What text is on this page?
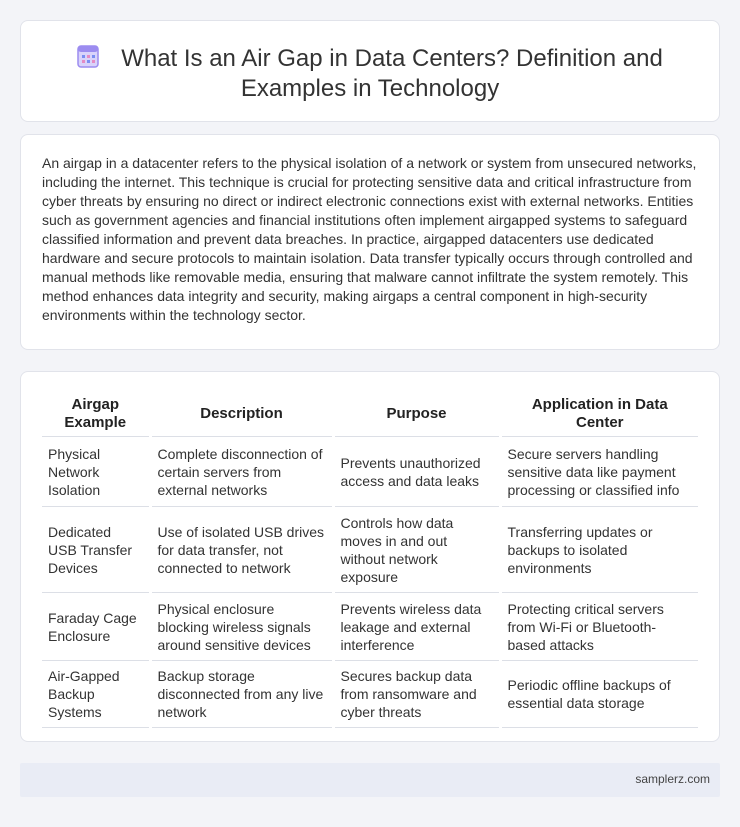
What Is an Air Gap in Data Centers? Definition and
Examples in Technology

An airgap in a datacenter refers to the physical isolation of a network or system from unsecured networks, including the internet. This technique is crucial for protecting sensitive data and critical infrastructure from cyber threats by ensuring no direct or indirect electronic connections exist with external networks. Entities such as government agencies and financial institutions often implement airgapped systems to safeguard classified information and prevent data breaches. In practice, airgapped datacenters use dedicated hardware and secure protocols to maintain isolation. Data transfer typically occurs through controlled and manual methods like removable media, ensuring that malware cannot infiltrate the system remotely. This method enhances data integrity and security, making airgaps a central component in high-security environments within the technology sector.

Airgap Example	Description	Purpose	Application in Data Center
Physical Network Isolation	Complete disconnection of certain servers from external networks	Prevents unauthorized access and data leaks	Secure servers handling sensitive data like payment processing or classified info
Dedicated USB Transfer Devices	Use of isolated USB drives for data transfer, not connected to network	Controls how data moves in and out without network exposure	Transferring updates or backups to isolated environments
Faraday Cage Enclosure	Physical enclosure blocking wireless signals around sensitive devices	Prevents wireless data leakage and external interference	Protecting critical servers from Wi-Fi or Bluetooth-based attacks
Air-Gapped Backup Systems	Backup storage disconnected from any live network	Secures backup data from ransomware and cyber threats	Periodic offline backups of essential data storage
samplerz.com
